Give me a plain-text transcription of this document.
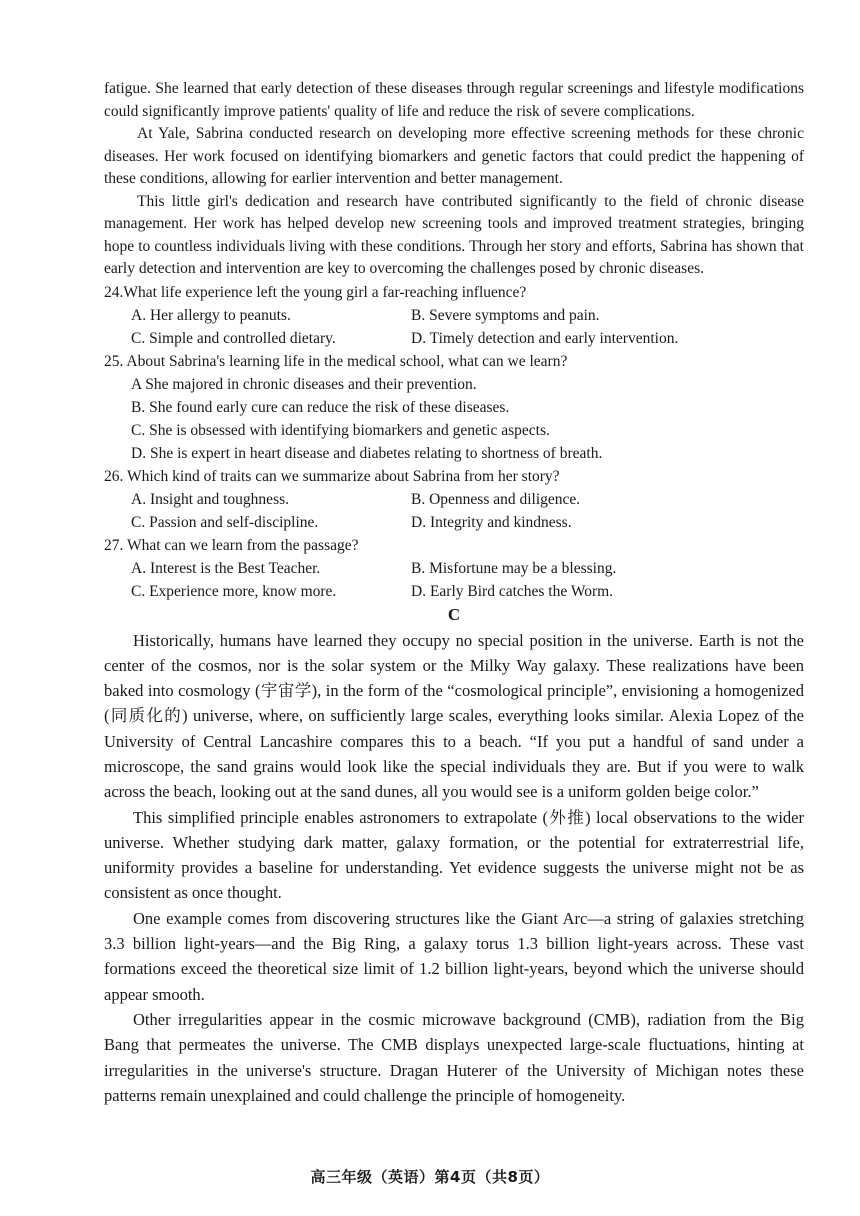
fatigue. She learned that early detection of these diseases through regular screenings and lifestyle modifications could significantly improve patients' quality of life and reduce the risk of severe complications.

At Yale, Sabrina conducted research on developing more effective screening methods for these chronic diseases. Her work focused on identifying biomarkers and genetic factors that could predict the happening of these conditions, allowing for earlier intervention and better management.

This little girl's dedication and research have contributed significantly to the field of chronic disease management. Her work has helped develop new screening tools and improved treatment strategies, bringing hope to countless individuals living with these conditions. Through her story and efforts, Sabrina has shown that early detection and intervention are key to overcoming the challenges posed by chronic diseases.

24.What life experience left the young girl a far-reaching influence?

A. Her allergy to peanuts.	B. Severe symptoms and pain.
C. Simple and controlled dietary.	D. Timely detection and early intervention.

25. About Sabrina's learning life in the medical school, what can we learn?

A She majored in chronic diseases and their prevention.

B. She found early cure can reduce the risk of these diseases.

C. She is obsessed with identifying biomarkers and genetic aspects.

D. She is expert in heart disease and diabetes relating to shortness of breath.

26. Which kind of traits can we summarize about Sabrina from her story?

A. Insight and toughness.	B. Openness and diligence.
C. Passion and self-discipline.	D. Integrity and kindness.

27. What can we learn from the passage?

A. Interest is the Best Teacher.	B. Misfortune may be a blessing.
C. Experience more, know more.	D. Early Bird catches the Worm.
C

Historically, humans have learned they occupy no special position in the universe. Earth is not the center of the cosmos, nor is the solar system or the Milky Way galaxy. These realizations have been baked into cosmology (宇宙学), in the form of the “cosmological principle”, envisioning a homogenized (同质化的) universe, where, on sufficiently large scales, everything looks similar. Alexia Lopez of the University of Central Lancashire compares this to a beach. “If you put a handful of sand under a microscope, the sand grains would look like the special individuals they are. But if you were to walk across the beach, looking out at the sand dunes, all you would see is a uniform golden beige color.”

This simplified principle enables astronomers to extrapolate (外推) local observations to the wider universe. Whether studying dark matter, galaxy formation, or the potential for extraterrestrial life, uniformity provides a baseline for understanding. Yet evidence suggests the universe might not be as consistent as once thought.

One example comes from discovering structures like the Giant Arc—a string of galaxies stretching 3.3 billion light-years—and the Big Ring, a galaxy torus 1.3 billion light-years across. These vast formations exceed the theoretical size limit of 1.2 billion light-years, beyond which the universe should appear smooth.

Other irregularities appear in the cosmic microwave background (CMB), radiation from the Big Bang that permeates the universe. The CMB displays unexpected large-scale fluctuations, hinting at irregularities in the universe's structure. Dragan Huterer of the University of Michigan notes these patterns remain unexplained and could challenge the principle of homogeneity.

高三年级（英语）第4页（共8页）
